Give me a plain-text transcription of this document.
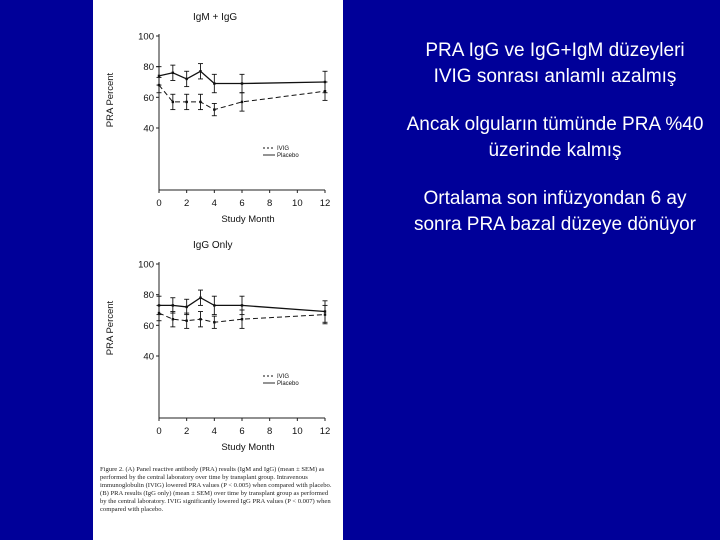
IgM + IgG
40
60
80
100
0 2 4 6 8 10 12
Study Month
PRA Percent
IVIG
Placebo
IgG Only
40
60
80
100
0 2 4 6 8 10 12
Study Month
PRA Percent
IVIG
Placebo
Figure 2. (A) Panel reactive antibody (PRA) results (IgM and IgG) (mean ± SEM) as performed by the central laboratory over time by transplant group. Intravenous immunoglobulin (IVIG) lowered PRA values (P < 0.005) when compared with placebo. (B) PRA results (IgG only) (mean ± SEM) over time by transplant group as performed by the central laboratory. IVIG significantly lowered IgG PRA values (P < 0.007) when compared with placebo.

PRA IgG ve IgG+IgM düzeyleri IVIG sonrası anlamlı azalmış

Ancak olguların tümünde PRA %40 üzerinde kalmış

Ortalama son infüzyondan 6 ay sonra PRA bazal düzeye dönüyor
